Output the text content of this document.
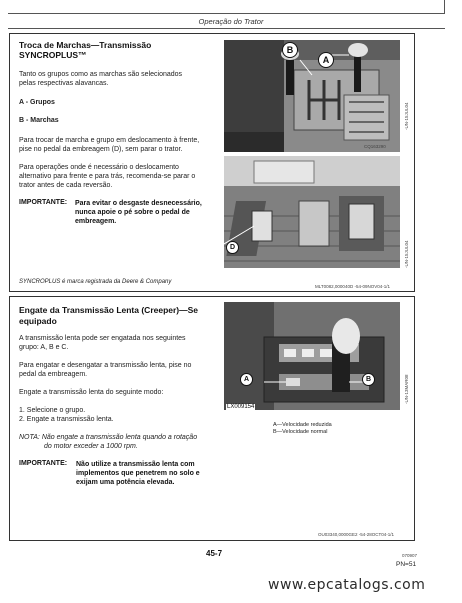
Operação do Trator
Troca de Marchas—Transmissão
SYNCROPLUS™
Tanto os grupos como as marchas são selecionados
pelas respectivas alavancas.
A - Grupos
B - Marchas
Para trocar de marcha e grupo em deslocamento à frente,
pise no pedal da embreagem (D), sem parar o trator.
Para operações onde é necessário o deslocamento
alternativo para frente e para trás, recomenda-se parar o
trator antes de cada reversão.
IMPORTANTE: Para evitar o desgaste desnecessário,
nunca apoie o pé sobre o pedal de
embreagem.
B
A
CQ163290
-UN-15JUL04
D	-UN-15JUL04
SYNCROPLUS é marca registrada da Deere & Company
MLT0082,000040D -54-09NOV04-1/1
Engate da Transmissão Lenta (Creeper)—Se
equipado
A transmissão lenta pode ser engatada nos seguintes
grupo: A, B e C.
Para engatar e desengatar a transmissão lenta, pise no
pedal da embreagem.
Engate a transmissão lenta do seguinte modo:
1. Selecione o grupo.
2. Engate a transmissão lenta.
NOTA: Não engate a transmissão lenta quando a rotação
do motor exceder a 1000 rpm.
IMPORTANTE: Não utilize a transmissão lenta com
implementos que penetrem no solo e
exijam uma potência elevada.
A	B
LX009154
-UN-13MAR08
A—Velocidade reduzida
B—Velocidade normal
OU03340,0000GE2 -54-28OCT04-1/1
45-7	070907
PN=51
www.epcatalogs.com
